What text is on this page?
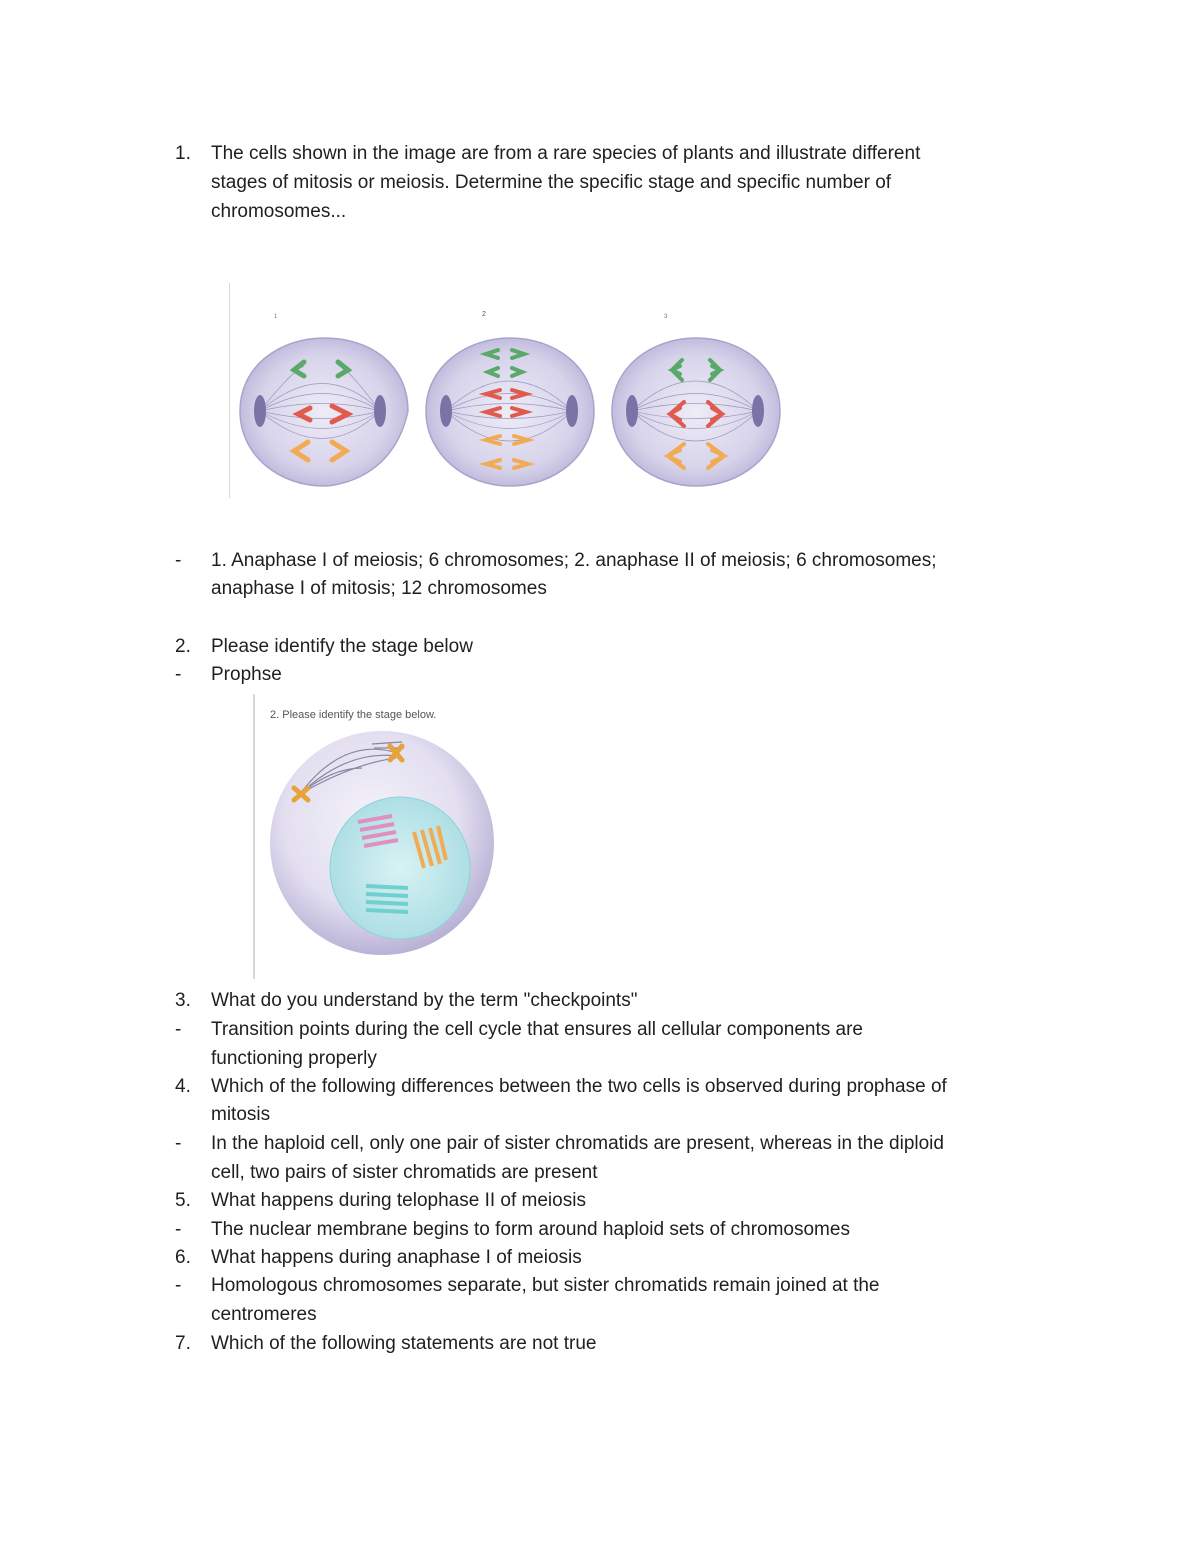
1. The cells shown in the image are from a rare species of plants and illustrate different
stages of mitosis or meiosis. Determine the specific stage and specific number of
chromosomes...
1	2	3
- 1. Anaphase I of meiosis; 6 chromosomes; 2. anaphase II of meiosis; 6 chromosomes;
anaphase I of mitosis; 12 chromosomes
2. Please identify the stage below
- Prophse
2. Please identify the stage below.
3. What do you understand by the term "checkpoints"
- Transition points during the cell cycle that ensures all cellular components are
functioning properly
4. Which of the following differences between the two cells is observed during prophase of
mitosis
- In the haploid cell, only one pair of sister chromatids are present, whereas in the diploid
cell, two pairs of sister chromatids are present
5. What happens during telophase II of meiosis
- The nuclear membrane begins to form around haploid sets of chromosomes
6. What happens during anaphase I of meiosis
- Homologous chromosomes separate, but sister chromatids remain joined at the
centromeres
7. Which of the following statements are not true
